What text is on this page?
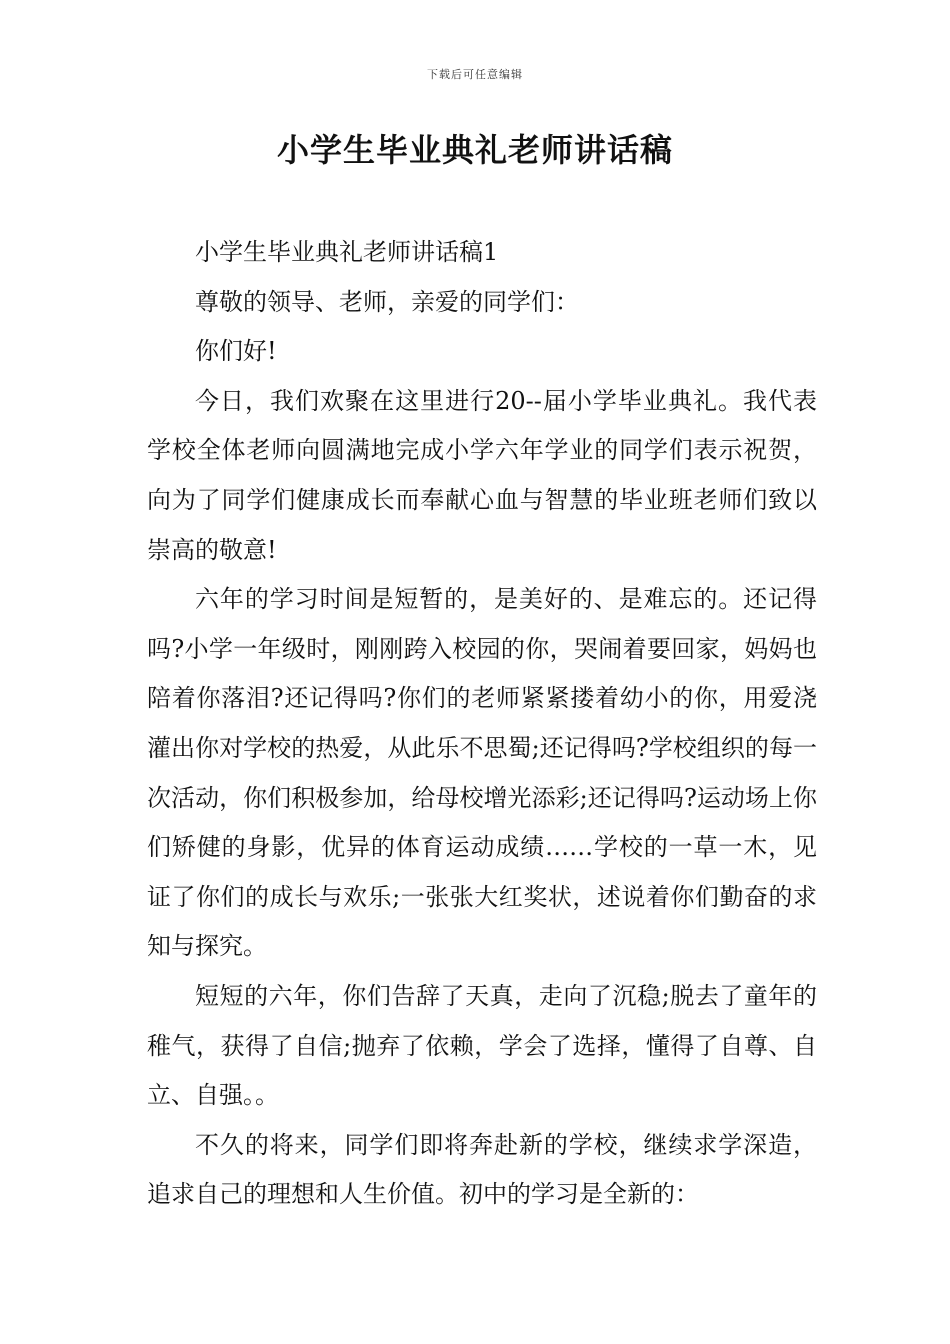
下载后可任意编辑
小学生毕业典礼老师讲话稿

小学生毕业典礼老师讲话稿1

尊敬的领导、老师，亲爱的同学们：

你们好!

今日，我们欢聚在这里进行20--届小学毕业典礼。我代表学校全体老师向圆满地完成小学六年学业的同学们表示祝贺，向为了同学们健康成长而奉献心血与智慧的毕业班老师们致以崇高的敬意!

六年的学习时间是短暂的，是美好的、是难忘的。还记得吗?小学一年级时，刚刚跨入校园的你，哭闹着要回家，妈妈也陪着你落泪?还记得吗?你们的老师紧紧搂着幼小的你，用爱浇灌出你对学校的热爱，从此乐不思蜀;还记得吗?学校组织的每一次活动，你们积极参加，给母校增光添彩;还记得吗?运动场上你们矫健的身影，优异的体育运动成绩……学校的一草一木，见证了你们的成长与欢乐;一张张大红奖状，述说着你们勤奋的求知与探究。

短短的六年，你们告辞了天真，走向了沉稳;脱去了童年的稚气，获得了自信;抛弃了依赖，学会了选择，懂得了自尊、自立、自强。。

不久的将来，同学们即将奔赴新的学校，继续求学深造，追求自己的理想和人生价值。初中的学习是全新的：
